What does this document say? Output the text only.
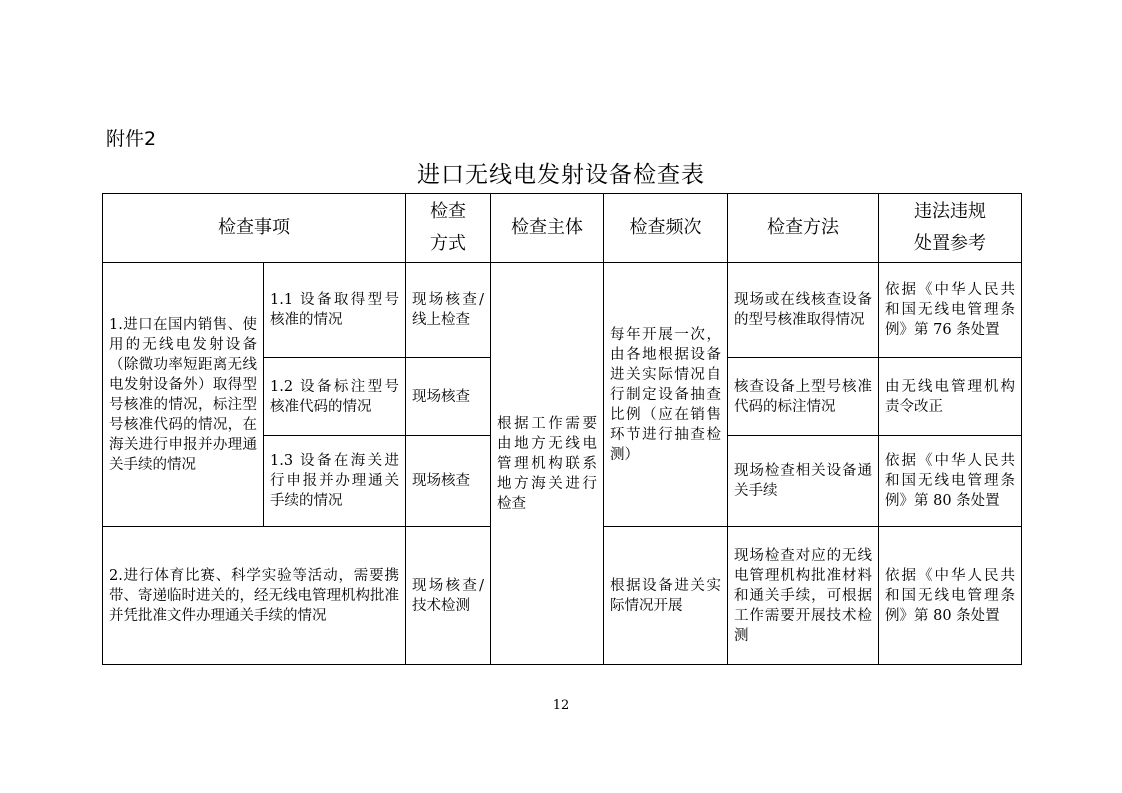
附件2
进口无线电发射设备检查表
检查事项		检查方式	检查主体	检查频次	检查方法	违法违规处置参考
1.进口在国内销售、使用的无线电发射设备（除微功率短距离无线电发射设备外）取得型号核准的情况，标注型号核准代码的情况，在海关进行申报并办理通关手续的情况	1.1 设备取得型号核准的情况	现场核查/线上检查	根据工作需要由地方无线电管理机构联系地方海关进行检查	每年开展一次，由各地根据设备进关实际情况自行制定设备抽查比例（应在销售环节进行抽查检测）	现场或在线核查设备的型号核准取得情况	依据《中华人民共和国无线电管理条例》第 76 条处置
	1.2 设备标注型号核准代码的情况	现场核查			核查设备上型号核准代码的标注情况	由无线电管理机构责令改正
	1.3 设备在海关进行申报并办理通关手续的情况	现场核查			现场检查相关设备通关手续	依据《中华人民共和国无线电管理条例》第 80 条处置
2.进行体育比赛、科学实验等活动，需要携带、寄递临时进关的，经无线电管理机构批准并凭批准文件办理通关手续的情况		现场核查/技术检测		根据设备进关实际情况开展	现场检查对应的无线电管理机构批准材料和通关手续，可根据工作需要开展技术检测	依据《中华人民共和国无线电管理条例》第 80 条处置
12
